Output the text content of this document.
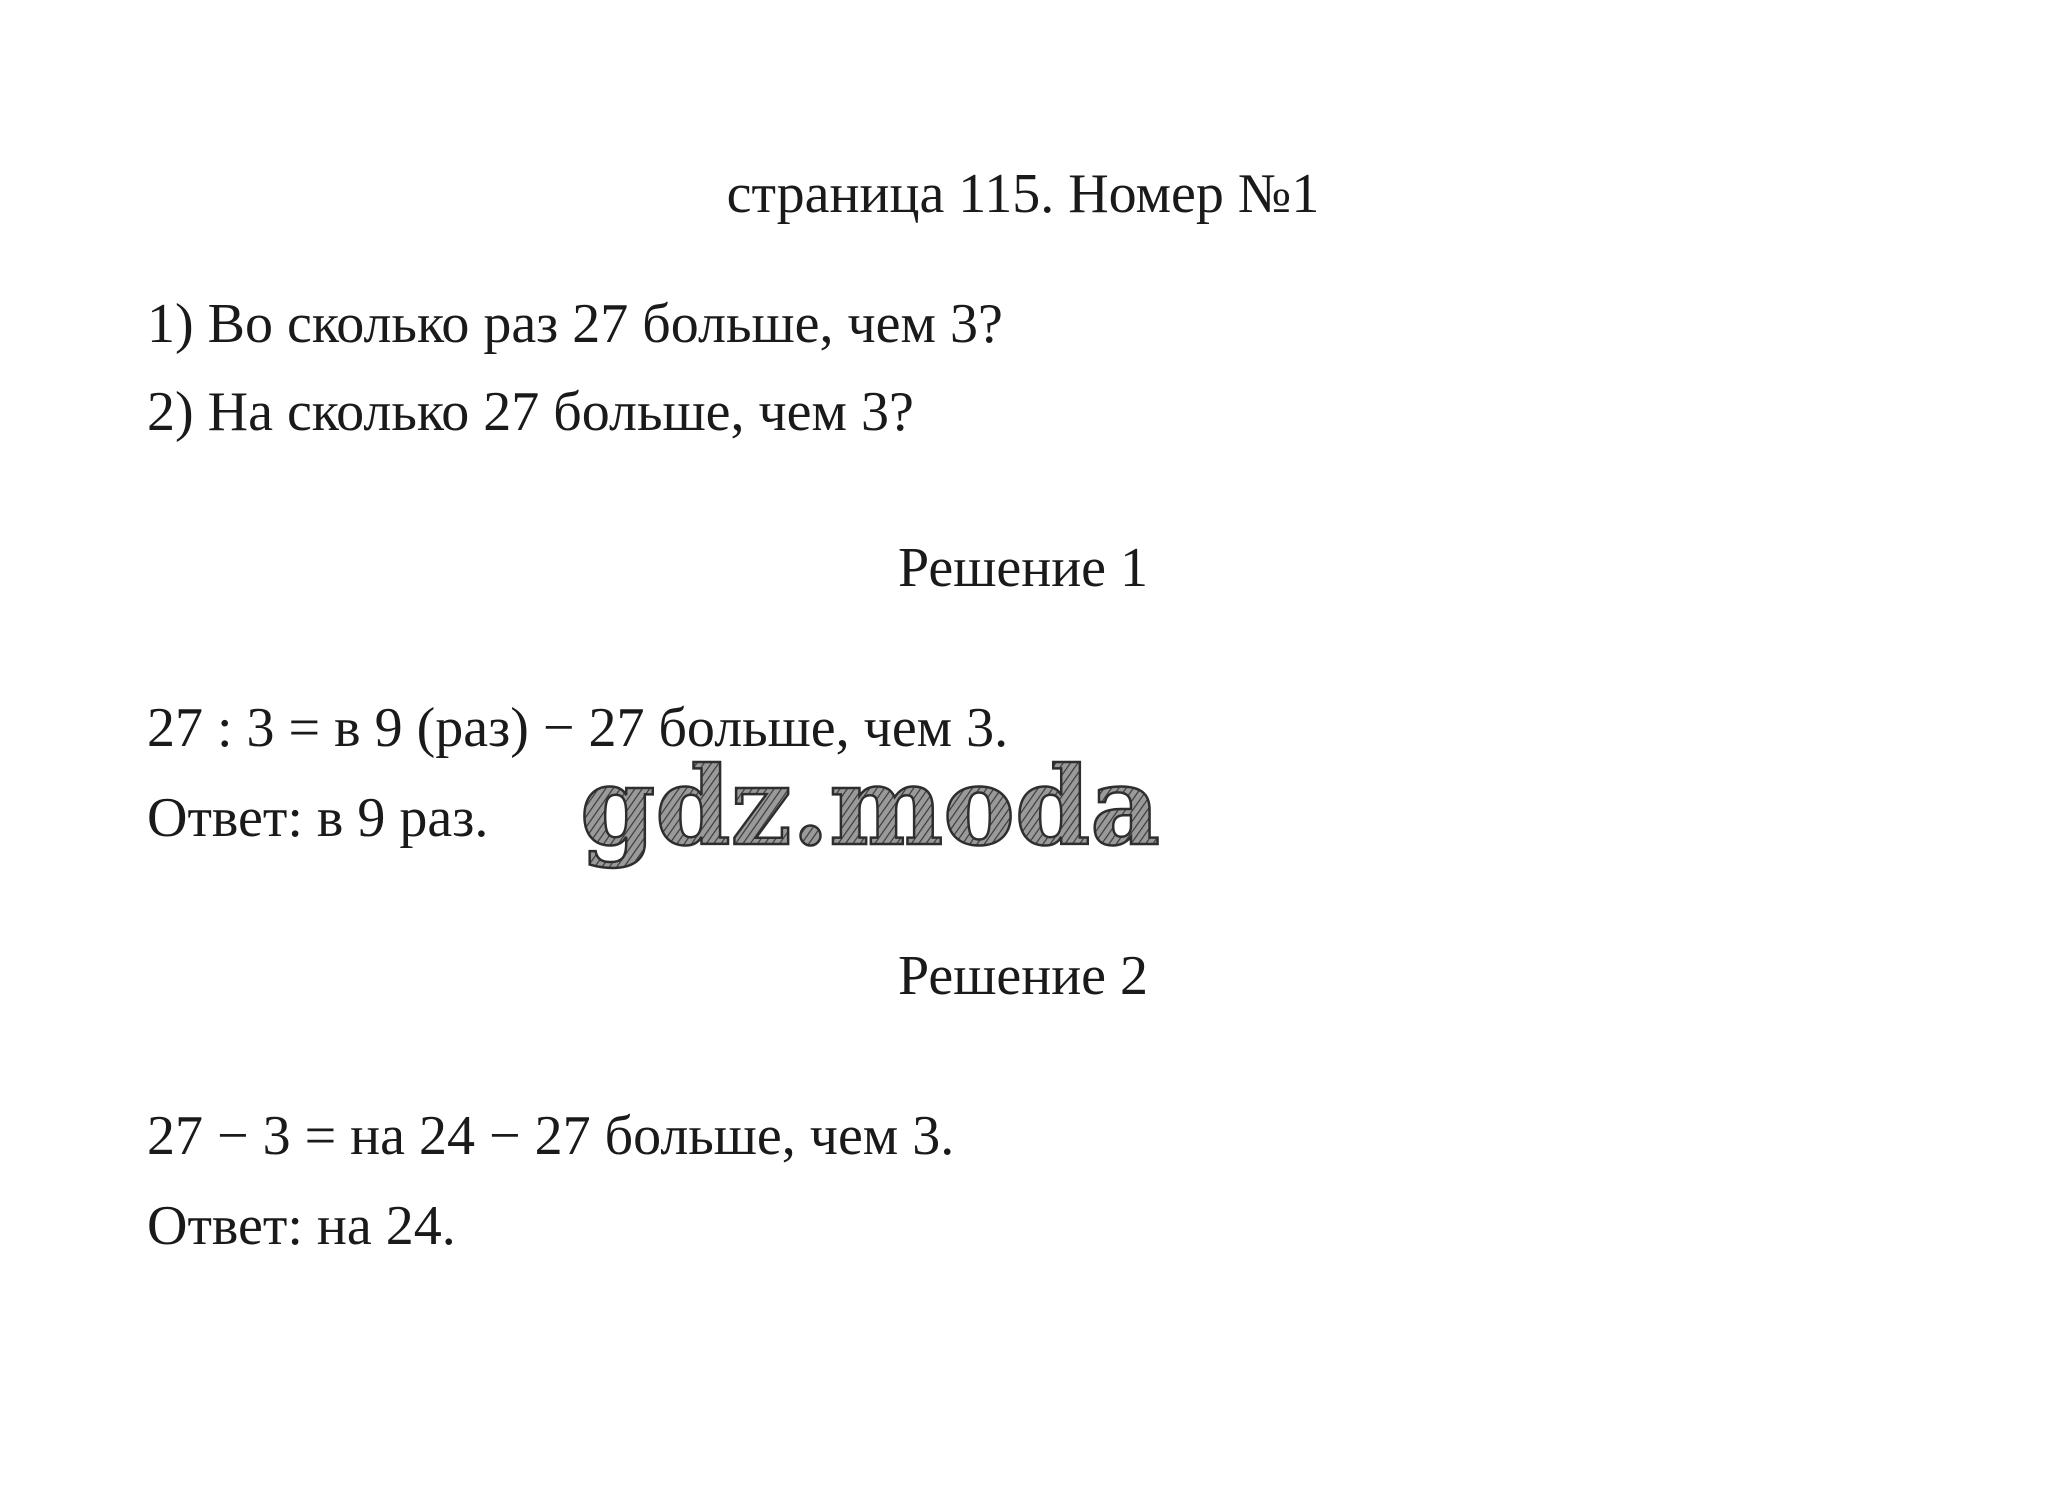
страница 115. Номер №1

1) Во сколько раз 27 больше, чем 3?

2) На сколько 27 больше, чем 3?

Решение 1

27 : 3 = в 9 (раз) − 27 больше, чем 3.

Ответ: в 9 раз. gdz.moda
Решение 2

27 − 3 = на 24 − 27 больше, чем 3.

Ответ: на 24.
